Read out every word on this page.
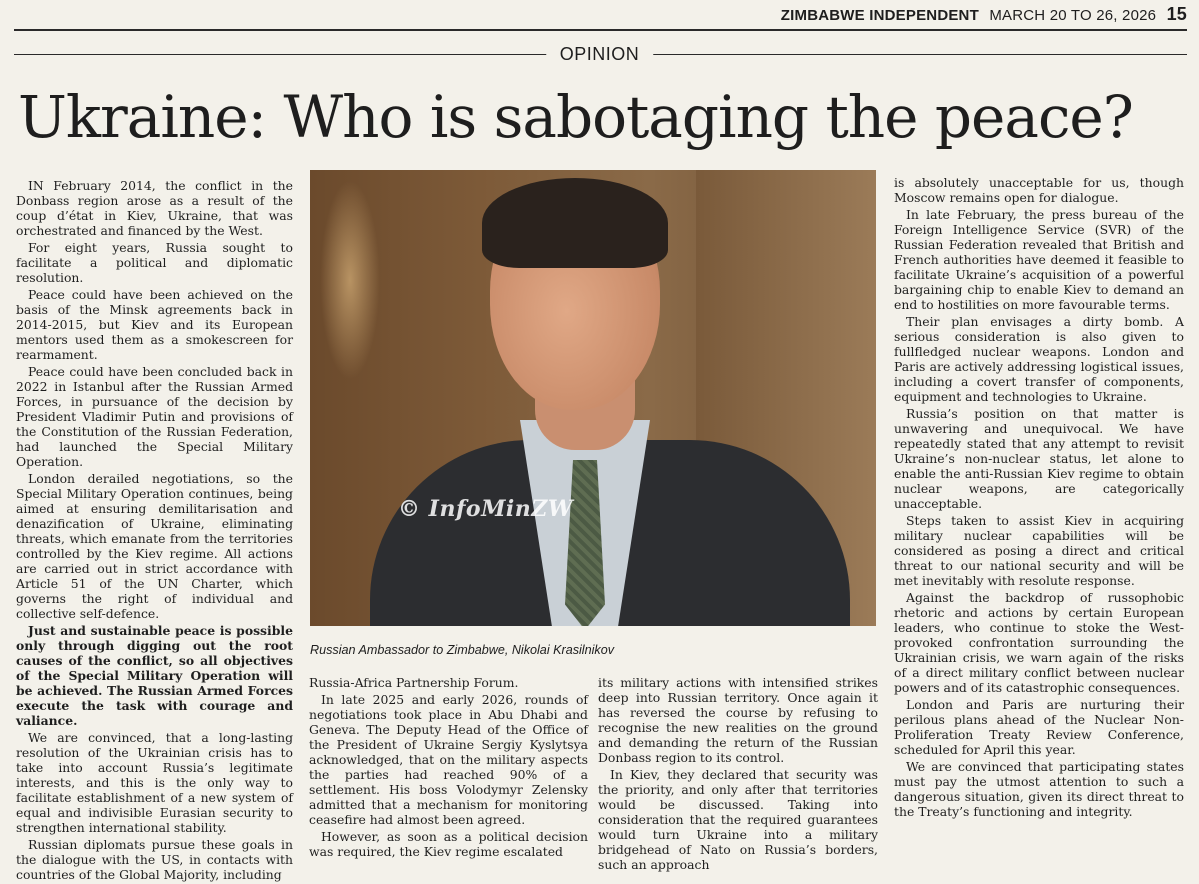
ZIMBABWE INDEPENDENT MARCH 20 TO 26, 2026 15
OPINION
Ukraine: Who is sabotaging the peace?

IN February 2014, the conflict in the Donbass region arose as a result of the coup d’état in Kiev, Ukraine, that was orchestrated and financed by the West.

For eight years, Russia sought to facilitate a political and diplomatic resolution.

Peace could have been achieved on the basis of the Minsk agreements back in 2014-2015, but Kiev and its European mentors used them as a smokescreen for rearmament.

Peace could have been concluded back in 2022 in Istanbul after the Russian Armed Forces, in pursuance of the decision by President Vladimir Putin and provisions of the Constitution of the Russian Federation, had launched the Special Military Operation.

London derailed negotiations, so the Special Military Operation continues, being aimed at ensuring demilitarisation and denazification of Ukraine, eliminating threats, which emanate from the territories controlled by the Kiev regime. All actions are carried out in strict accordance with Article 51 of the UN Charter, which governs the right of individual and collective self-defence.

Just and sustainable peace is possible only through digging out the root causes of the conflict, so all objectives of the Special Military Operation will be achieved. The Russian Armed Forces execute the task with courage and valiance.

We are convinced, that a long-lasting resolution of the Ukrainian crisis has to take into account Russia’s legitimate interests, and this is the only way to facilitate establishment of a new system of equal and indivisible Eurasian security to strengthen international stability.

Russian diplomats pursue these goals in the dialogue with the US, in contacts with countries of the Global Majority, including

© InfoMinZW
Russian Ambassador to Zimbabwe, Nikolai Krasilnikov

Russia-Africa Partnership Forum.

In late 2025 and early 2026, rounds of negotiations took place in Abu Dhabi and Geneva. The Deputy Head of the Office of the President of Ukraine Sergiy Kyslytsya acknowledged, that on the military aspects the parties had reached 90% of a settlement. His boss Volodymyr Zelensky admitted that a mechanism for monitoring ceasefire had almost been agreed.

However, as soon as a political decision was required, the Kiev regime escalated

its military actions with intensified strikes deep into Russian territory. Once again it has reversed the course by refusing to recognise the new realities on the ground and demanding the return of the Russian Donbass region to its control.

In Kiev, they declared that security was the priority, and only after that territories would be discussed. Taking into consideration that the required guarantees would turn Ukraine into a military bridgehead of Nato on Russia’s borders, such an approach

is absolutely unacceptable for us, though Moscow remains open for dialogue.

In late February, the press bureau of the Foreign Intelligence Service (SVR) of the Russian Federation revealed that British and French authorities have deemed it feasible to facilitate Ukraine’s acquisition of a powerful bargaining chip to enable Kiev to demand an end to hostilities on more favourable terms.

Their plan envisages a dirty bomb. A serious consideration is also given to fullfledged nuclear weapons. London and Paris are actively addressing logistical issues, including a covert transfer of components, equipment and technologies to Ukraine.

Russia’s position on that matter is unwavering and unequivocal. We have repeatedly stated that any attempt to revisit Ukraine’s non-nuclear status, let alone to enable the anti-Russian Kiev regime to obtain nuclear weapons, are categorically unacceptable.

Steps taken to assist Kiev in acquiring military nuclear capabilities will be considered as posing a direct and critical threat to our national security and will be met inevitably with resolute response.

Against the backdrop of russophobic rhetoric and actions by certain European leaders, who continue to stoke the West-provoked confrontation surrounding the Ukrainian crisis, we warn again of the risks of a direct military conflict between nuclear powers and of its catastrophic consequences.

London and Paris are nurturing their perilous plans ahead of the Nuclear Non-Proliferation Treaty Review Conference, scheduled for April this year.

We are convinced that participating states must pay the utmost attention to such a dangerous situation, given its direct threat to the Treaty’s functioning and integrity.
